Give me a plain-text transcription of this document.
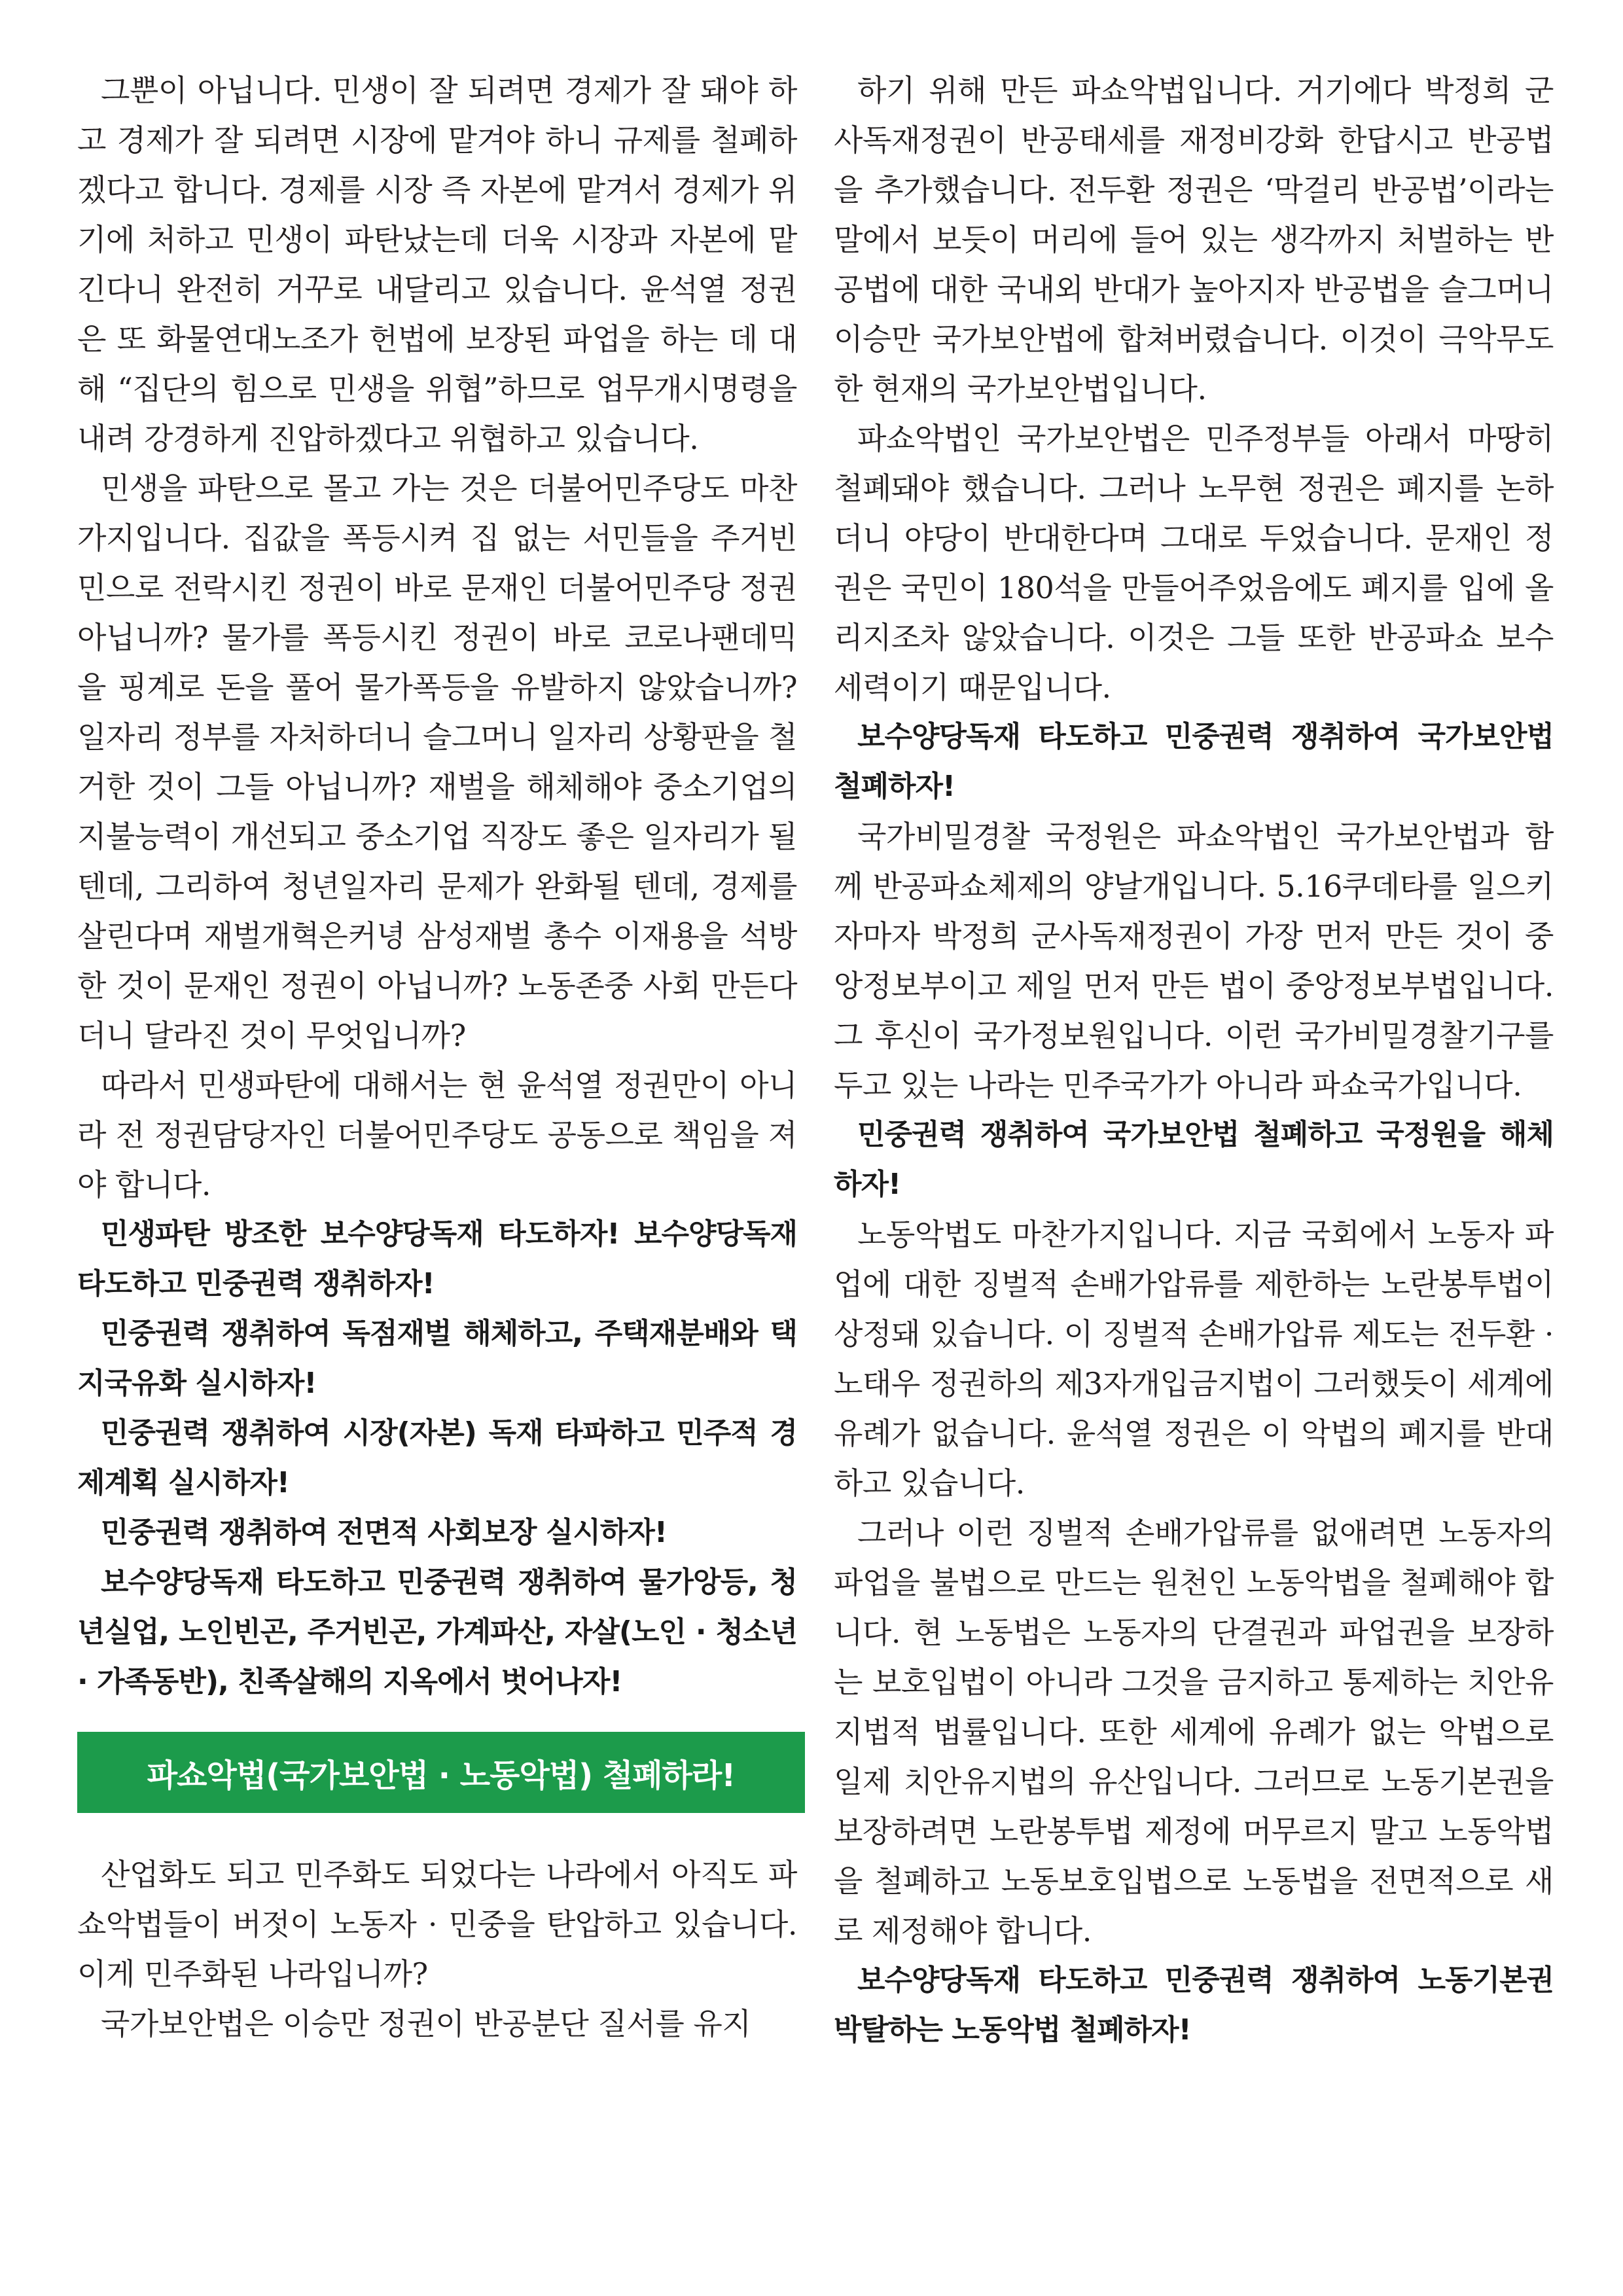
그뿐이 아닙니다. 민생이 잘 되려면 경제가 잘 돼야 하고 경제가 잘 되려면 시장에 맡겨야 하니 규제를 철폐하겠다고 합니다. 경제를 시장 즉 자본에 맡겨서 경제가 위기에 처하고 민생이 파탄났는데 더욱 시장과 자본에 맡긴다니 완전히 거꾸로 내달리고 있습니다. 윤석열 정권은 또 화물연대노조가 헌법에 보장된 파업을 하는 데 대해 “집단의 힘으로 민생을 위협”하므로 업무개시명령을 내려 강경하게 진압하겠다고 위협하고 있습니다.

민생을 파탄으로 몰고 가는 것은 더불어민주당도 마찬가지입니다. 집값을 폭등시켜 집 없는 서민들을 주거빈민으로 전락시킨 정권이 바로 문재인 더불어민주당 정권 아닙니까? 물가를 폭등시킨 정권이 바로 코로나팬데믹을 핑계로 돈을 풀어 물가폭등을 유발하지 않았습니까? 일자리 정부를 자처하더니 슬그머니 일자리 상황판을 철거한 것이 그들 아닙니까? 재벌을 해체해야 중소기업의 지불능력이 개선되고 중소기업 직장도 좋은 일자리가 될 텐데, 그리하여 청년일자리 문제가 완화될 텐데, 경제를 살린다며 재벌개혁은커녕 삼성재벌 총수 이재용을 석방한 것이 문재인 정권이 아닙니까? 노동존중 사회 만든다더니 달라진 것이 무엇입니까?

따라서 민생파탄에 대해서는 현 윤석열 정권만이 아니라 전 정권담당자인 더불어민주당도 공동으로 책임을 져야 합니다.

민생파탄 방조한 보수양당독재 타도하자! 보수양당독재 타도하고 민중권력 쟁취하자!

민중권력 쟁취하여 독점재벌 해체하고, 주택재분배와 택지국유화 실시하자!

민중권력 쟁취하여 시장(자본) 독재 타파하고 민주적 경제계획 실시하자!

민중권력 쟁취하여 전면적 사회보장 실시하자!

보수양당독재 타도하고 민중권력 쟁취하여 물가앙등, 청년실업, 노인빈곤, 주거빈곤, 가계파산, 자살(노인 · 청소년 · 가족동반), 친족살해의 지옥에서 벗어나자!

파쇼악법(국가보안법 · 노동악법) 철폐하라!

산업화도 되고 민주화도 되었다는 나라에서 아직도 파쇼악법들이 버젓이 노동자 · 민중을 탄압하고 있습니다. 이게 민주화된 나라입니까?

국가보안법은 이승만 정권이 반공분단 질서를 유지

하기 위해 만든 파쇼악법입니다. 거기에다 박정희 군사독재정권이 반공태세를 재정비강화 한답시고 반공법을 추가했습니다. 전두환 정권은 ‘막걸리 반공법’이라는 말에서 보듯이 머리에 들어 있는 생각까지 처벌하는 반공법에 대한 국내외 반대가 높아지자 반공법을 슬그머니 이승만 국가보안법에 합쳐버렸습니다. 이것이 극악무도한 현재의 국가보안법입니다.

파쇼악법인 국가보안법은 민주정부들 아래서 마땅히 철폐돼야 했습니다. 그러나 노무현 정권은 폐지를 논하더니 야당이 반대한다며 그대로 두었습니다. 문재인 정권은 국민이 180석을 만들어주었음에도 폐지를 입에 올리지조차 않았습니다. 이것은 그들 또한 반공파쇼 보수세력이기 때문입니다.

보수양당독재 타도하고 민중권력 쟁취하여 국가보안법 철폐하자!

국가비밀경찰 국정원은 파쇼악법인 국가보안법과 함께 반공파쇼체제의 양날개입니다. 5.16쿠데타를 일으키자마자 박정희 군사독재정권이 가장 먼저 만든 것이 중앙정보부이고 제일 먼저 만든 법이 중앙정보부법입니다. 그 후신이 국가정보원입니다. 이런 국가비밀경찰기구를 두고 있는 나라는 민주국가가 아니라 파쇼국가입니다.

민중권력 쟁취하여 국가보안법 철폐하고 국정원을 해체하자!

노동악법도 마찬가지입니다. 지금 국회에서 노동자 파업에 대한 징벌적 손배가압류를 제한하는 노란봉투법이 상정돼 있습니다. 이 징벌적 손배가압류 제도는 전두환 · 노태우 정권하의 제3자개입금지법이 그러했듯이 세계에 유례가 없습니다. 윤석열 정권은 이 악법의 폐지를 반대하고 있습니다.

그러나 이런 징벌적 손배가압류를 없애려면 노동자의 파업을 불법으로 만드는 원천인 노동악법을 철폐해야 합니다. 현 노동법은 노동자의 단결권과 파업권을 보장하는 보호입법이 아니라 그것을 금지하고 통제하는 치안유지법적 법률입니다. 또한 세계에 유례가 없는 악법으로 일제 치안유지법의 유산입니다. 그러므로 노동기본권을 보장하려면 노란봉투법 제정에 머무르지 말고 노동악법을 철폐하고 노동보호입법으로 노동법을 전면적으로 새로 제정해야 합니다.

보수양당독재 타도하고 민중권력 쟁취하여 노동기본권 박탈하는 노동악법 철폐하자!
